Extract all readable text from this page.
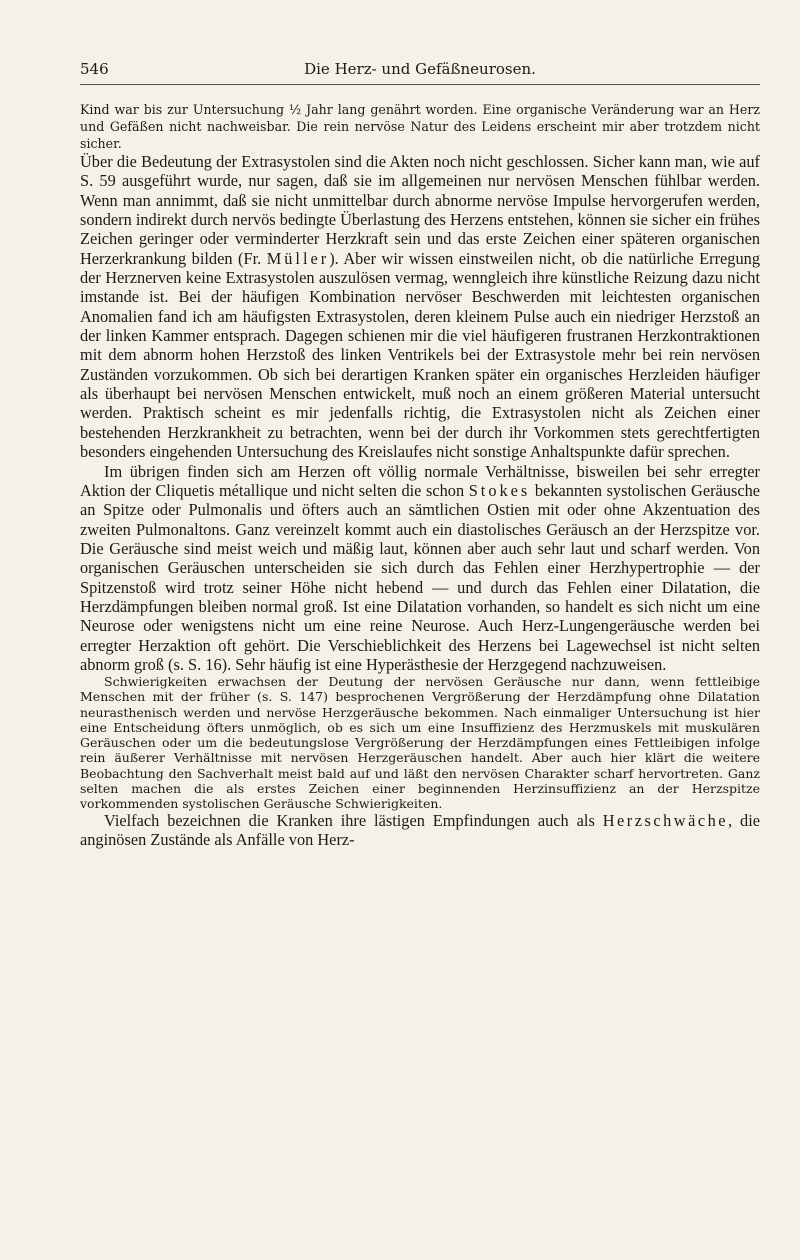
546	Die Herz- und Gefäßneurosen.

Kind war bis zur Untersuchung ½ Jahr lang genährt worden. Eine organische Veränderung war an Herz und Gefäßen nicht nachweisbar. Die rein nervöse Natur des Leidens erscheint mir aber trotzdem nicht sicher.

Über die Bedeutung der Extrasystolen sind die Akten noch nicht geschlossen. Sicher kann man, wie auf S. 59 ausgeführt wurde, nur sagen, daß sie im allgemeinen nur nervösen Menschen fühlbar werden. Wenn man annimmt, daß sie nicht unmittelbar durch abnorme nervöse Impulse hervorgerufen werden, sondern indirekt durch nervös bedingte Überlastung des Herzens entstehen, können sie sicher ein frühes Zeichen geringer oder verminderter Herzkraft sein und das erste Zeichen einer späteren organischen Herzerkrankung bilden (Fr. Müller). Aber wir wissen einstweilen nicht, ob die natürliche Erregung der Herznerven keine Extrasystolen auszulösen vermag, wenngleich ihre künstliche Reizung dazu nicht imstande ist. Bei der häufigen Kombination nervöser Beschwerden mit leichtesten organischen Anomalien fand ich am häufigsten Extrasystolen, deren kleinem Pulse auch ein niedriger Herzstoß an der linken Kammer entsprach. Dagegen schienen mir die viel häufigeren frustranen Herzkontraktionen mit dem abnorm hohen Herzstoß des linken Ventrikels bei der Extrasystole mehr bei rein nervösen Zuständen vorzukommen. Ob sich bei derartigen Kranken später ein organisches Herzleiden häufiger als überhaupt bei nervösen Menschen entwickelt, muß noch an einem größeren Material untersucht werden. Praktisch scheint es mir jedenfalls richtig, die Extrasystolen nicht als Zeichen einer bestehenden Herzkrankheit zu betrachten, wenn bei der durch ihr Vorkommen stets gerechtfertigten besonders eingehenden Untersuchung des Kreislaufes nicht sonstige Anhaltspunkte dafür sprechen.

Im übrigen finden sich am Herzen oft völlig normale Verhältnisse, bisweilen bei sehr erregter Aktion der Cliquetis métallique und nicht selten die schon Stokes bekannten systolischen Geräusche an Spitze oder Pulmonalis und öfters auch an sämtlichen Ostien mit oder ohne Akzentuation des zweiten Pulmonaltons. Ganz vereinzelt kommt auch ein diastolisches Geräusch an der Herzspitze vor. Die Geräusche sind meist weich und mäßig laut, können aber auch sehr laut und scharf werden. Von organischen Geräuschen unterscheiden sie sich durch das Fehlen einer Herzhypertrophie — der Spitzenstoß wird trotz seiner Höhe nicht hebend — und durch das Fehlen einer Dilatation, die Herzdämpfungen bleiben normal groß. Ist eine Dilatation vorhanden, so handelt es sich nicht um eine Neurose oder wenigstens nicht um eine reine Neurose. Auch Herz-Lungengeräusche werden bei erregter Herzaktion oft gehört. Die Verschieblichkeit des Herzens bei Lagewechsel ist nicht selten abnorm groß (s. S. 16). Sehr häufig ist eine Hyperästhesie der Herzgegend nachzuweisen.

Schwierigkeiten erwachsen der Deutung der nervösen Geräusche nur dann, wenn fettleibige Menschen mit der früher (s. S. 147) besprochenen Vergrößerung der Herzdämpfung ohne Dilatation neurasthenisch werden und nervöse Herzgeräusche bekommen. Nach einmaliger Untersuchung ist hier eine Entscheidung öfters unmöglich, ob es sich um eine Insuffizienz des Herzmuskels mit muskulären Geräuschen oder um die bedeutungslose Vergrößerung der Herzdämpfungen eines Fettleibigen infolge rein äußerer Verhältnisse mit nervösen Herzgeräuschen handelt. Aber auch hier klärt die weitere Beobachtung den Sachverhalt meist bald auf und läßt den nervösen Charakter scharf hervortreten. Ganz selten machen die als erstes Zeichen einer beginnenden Herzinsuffizienz an der Herzspitze vorkommenden systolischen Geräusche Schwierigkeiten.

Vielfach bezeichnen die Kranken ihre lästigen Empfindungen auch als Herzschwäche, die anginösen Zustände als Anfälle von Herz-
